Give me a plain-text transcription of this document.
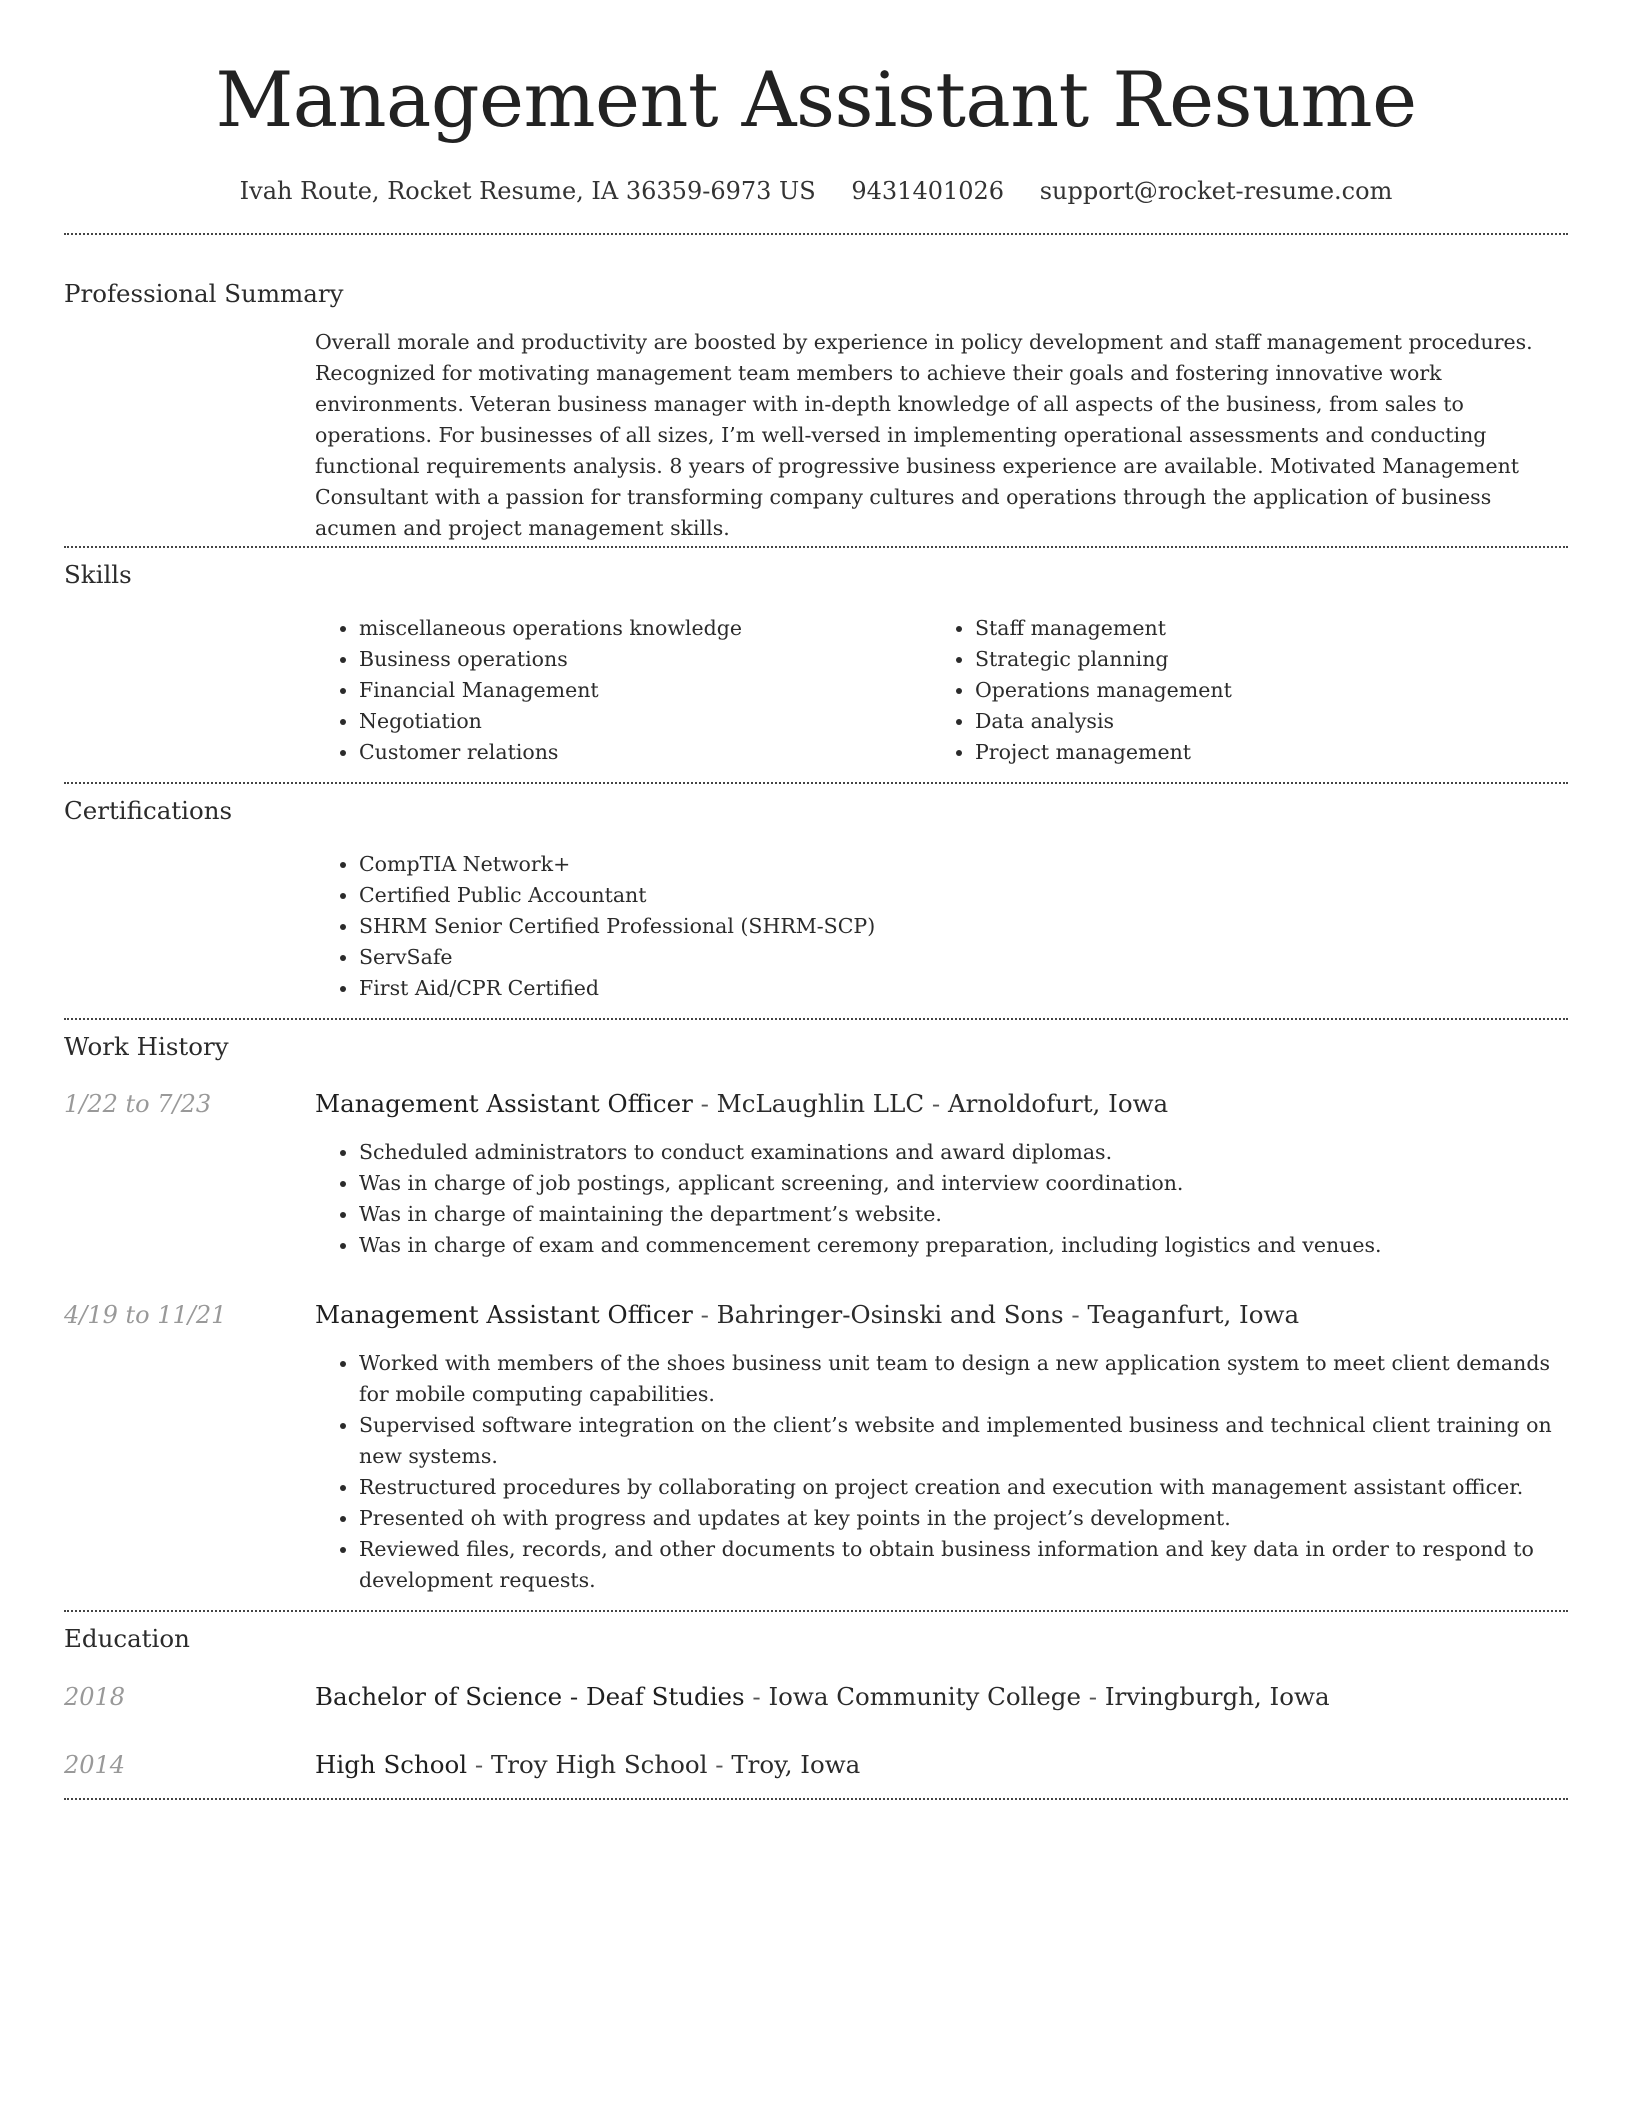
Management Assistant Resume
Ivah Route, Rocket Resume, IA 36359-6973 US 9431401026 support@rocket-resume.com
Professional Summary

Overall morale and productivity are boosted by experience in policy development and staff management procedures. Recognized for motivating management team members to achieve their goals and fostering innovative work environments. Veteran business manager with in-depth knowledge of all aspects of the business, from sales to operations. For businesses of all sizes, I’m well-versed in implementing operational assessments and conducting functional requirements analysis. 8 years of progressive business experience are available. Motivated Management Consultant with a passion for transforming company cultures and operations through the application of business acumen and project management skills.

Skills
• miscellaneous operations knowledge
• Business operations
• Financial Management
• Negotiation
• Customer relations
• Staff management
• Strategic planning
• Operations management
• Data analysis
• Project management
Certifications
• CompTIA Network+
• Certified Public Accountant
• SHRM Senior Certified Professional (SHRM-SCP)
• ServSafe
• First Aid/CPR Certified
Work History
1/22 to 7/23	Management Assistant Officer - McLaughlin LLC - Arnoldofurt, Iowa
• Scheduled administrators to conduct examinations and award diplomas.
• Was in charge of job postings, applicant screening, and interview coordination.
• Was in charge of maintaining the department’s website.
• Was in charge of exam and commencement ceremony preparation, including logistics and venues.
4/19 to 11/21	Management Assistant Officer - Bahringer-Osinski and Sons - Teaganfurt, Iowa
• Worked with members of the shoes business unit team to design a new application system to meet client demands for mobile computing capabilities.
• Supervised software integration on the client’s website and implemented business and technical client training on new systems.
• Restructured procedures by collaborating on project creation and execution with management assistant officer.
• Presented oh with progress and updates at key points in the project’s development.
• Reviewed files, records, and other documents to obtain business information and key data in order to respond to development requests.
Education
2018	Bachelor of Science - Deaf Studies - Iowa Community College - Irvingburgh, Iowa
2014	High School - Troy High School - Troy, Iowa
